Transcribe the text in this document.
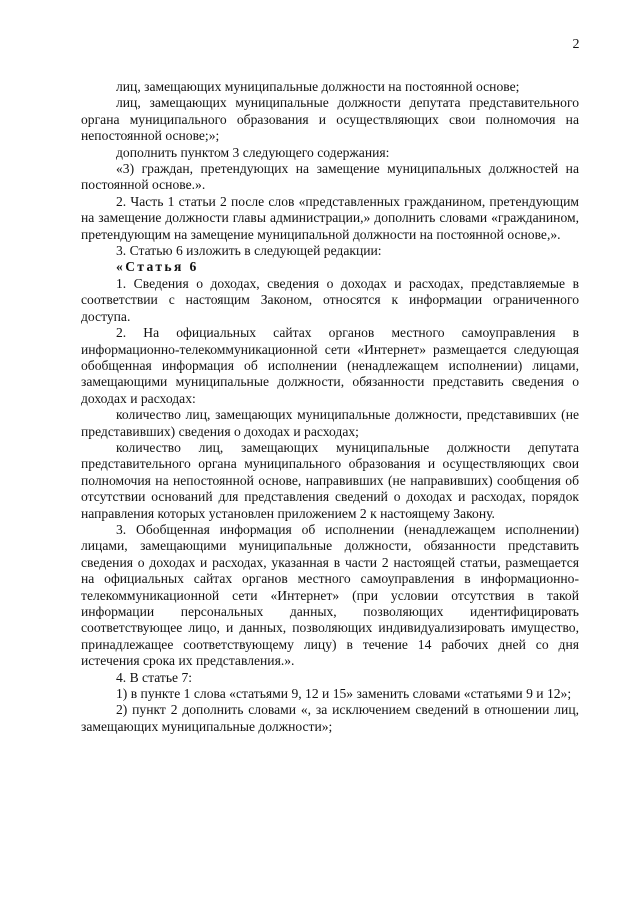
2

лиц, замещающих муниципальные должности на постоянной основе;

лиц, замещающих муниципальные должности депутата представительного органа муниципального образования и осуществляющих свои полномочия на непостоянной основе;»;

дополнить пунктом 3 следующего содержания:

«3) граждан, претендующих на замещение муниципальных должностей на постоянной основе.».

2. Часть 1 статьи 2 после слов «представленных гражданином, претендующим на замещение должности главы администрации,» дополнить словами «гражданином, претендующим на замещение муниципальной должности на постоянной основе,».

3. Статью 6 изложить в следующей редакции:

«Статья 6

1. Сведения о доходах, сведения о доходах и расходах, представляемые в соответствии с настоящим Законом, относятся к информации ограниченного доступа.

2. На официальных сайтах органов местного самоуправления в информационно-телекоммуникационной сети «Интернет» размещается следующая обобщенная информация об исполнении (ненадлежащем исполнении) лицами, замещающими муниципальные должности, обязанности представить сведения о доходах и расходах:

количество лиц, замещающих муниципальные должности, представивших (не представивших) сведения о доходах и расходах;

количество лиц, замещающих муниципальные должности депутата представительного органа муниципального образования и осуществляющих свои полномочия на непостоянной основе, направивших (не направивших) сообщения об отсутствии оснований для представления сведений о доходах и расходах, порядок направления которых установлен приложением 2 к настоящему Закону.

3. Обобщенная информация об исполнении (ненадлежащем исполнении) лицами, замещающими муниципальные должности, обязанности представить сведения о доходах и расходах, указанная в части 2 настоящей статьи, размещается на официальных сайтах органов местного самоуправления в информационно-телекоммуникационной сети «Интернет» (при условии отсутствия в такой информации персональных данных, позволяющих идентифицировать соответствующее лицо, и данных, позволяющих индивидуализировать имущество, принадлежащее соответствующему лицу) в течение 14 рабочих дней со дня истечения срока их представления.».

4. В статье 7:

1) в пункте 1 слова «статьями 9, 12 и 15» заменить словами «статьями 9 и 12»;

2) пункт 2 дополнить словами «, за исключением сведений в отношении лиц, замещающих муниципальные должности»;
